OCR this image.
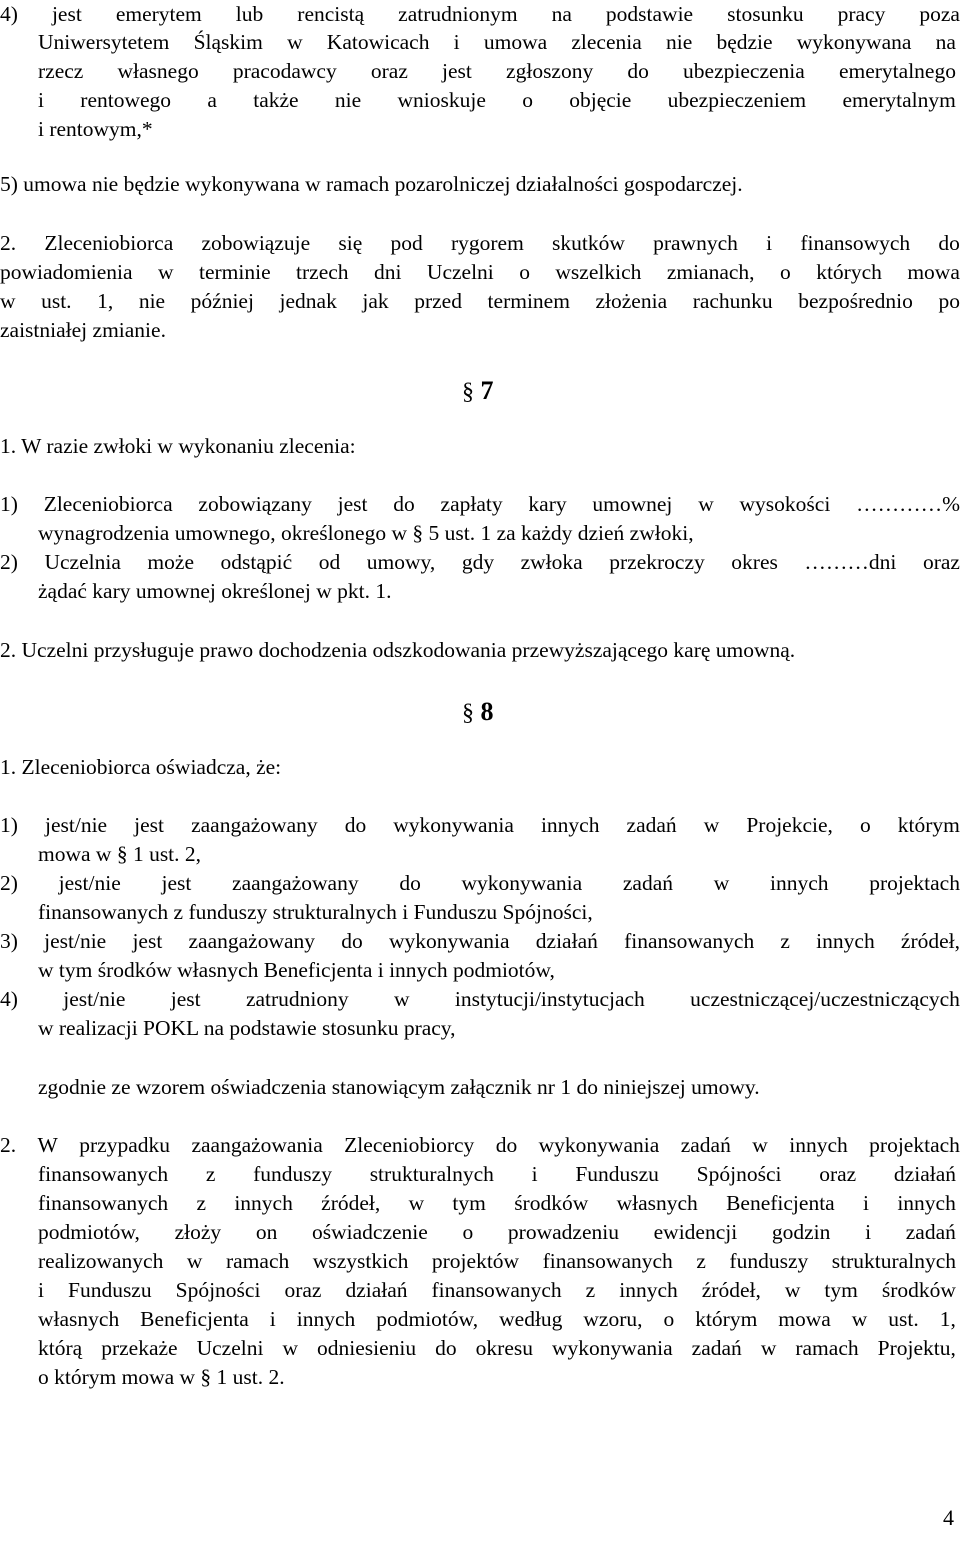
4) jest emerytem lub rencistą zatrudnionym na podstawie stosunku pracy poza
Uniwersytetem Śląskim w Katowicach i umowa zlecenia nie będzie wykonywana na
rzecz własnego pracodawcy oraz jest zgłoszony do ubezpieczenia emerytalnego
i rentowego a także nie wnioskuje o objęcie ubezpieczeniem emerytalnym
i rentowym,*
5) umowa nie będzie wykonywana w ramach pozarolniczej działalności gospodarczej.
2. Zleceniobiorca zobowiązuje się pod rygorem skutków prawnych i finansowych do
powiadomienia w terminie trzech dni Uczelni o wszelkich zmianach, o których mowa
w ust. 1, nie później jednak jak przed terminem złożenia rachunku bezpośrednio po
zaistniałej zmianie.
§ 7
1. W razie zwłoki w wykonaniu zlecenia:
1) Zleceniobiorca zobowiązany jest do zapłaty kary umownej w wysokości …………%
wynagrodzenia umownego, określonego w § 5 ust. 1 za każdy dzień zwłoki,
2) Uczelnia może odstąpić od umowy, gdy zwłoka przekroczy okres ………dni oraz
żądać kary umownej określonej w pkt. 1.
2. Uczelni przysługuje prawo dochodzenia odszkodowania przewyższającego karę umowną.
§ 8
1. Zleceniobiorca oświadcza, że:
1) jest/nie jest zaangażowany do wykonywania innych zadań w Projekcie, o którym
mowa w § 1 ust. 2,
2) jest/nie jest zaangażowany do wykonywania zadań w innych projektach
finansowanych z funduszy strukturalnych i Funduszu Spójności,
3) jest/nie jest zaangażowany do wykonywania działań finansowanych z innych źródeł,
w tym środków własnych Beneficjenta i innych podmiotów,
4) jest/nie jest zatrudniony w instytucji/instytucjach uczestniczącej/uczestniczących
w realizacji POKL na podstawie stosunku pracy,
zgodnie ze wzorem oświadczenia stanowiącym załącznik nr 1 do niniejszej umowy.
2. W przypadku zaangażowania Zleceniobiorcy do wykonywania zadań w innych projektach
finansowanych z funduszy strukturalnych i Funduszu Spójności oraz działań
finansowanych z innych źródeł, w tym środków własnych Beneficjenta i innych
podmiotów, złoży on oświadczenie o prowadzeniu ewidencji godzin i zadań
realizowanych w ramach wszystkich projektów finansowanych z funduszy strukturalnych
i Funduszu Spójności oraz działań finansowanych z innych źródeł, w tym środków
własnych Beneficjenta i innych podmiotów, według wzoru, o którym mowa w ust. 1,
którą przekaże Uczelni w odniesieniu do okresu wykonywania zadań w ramach Projektu,
o którym mowa w § 1 ust. 2.
4
